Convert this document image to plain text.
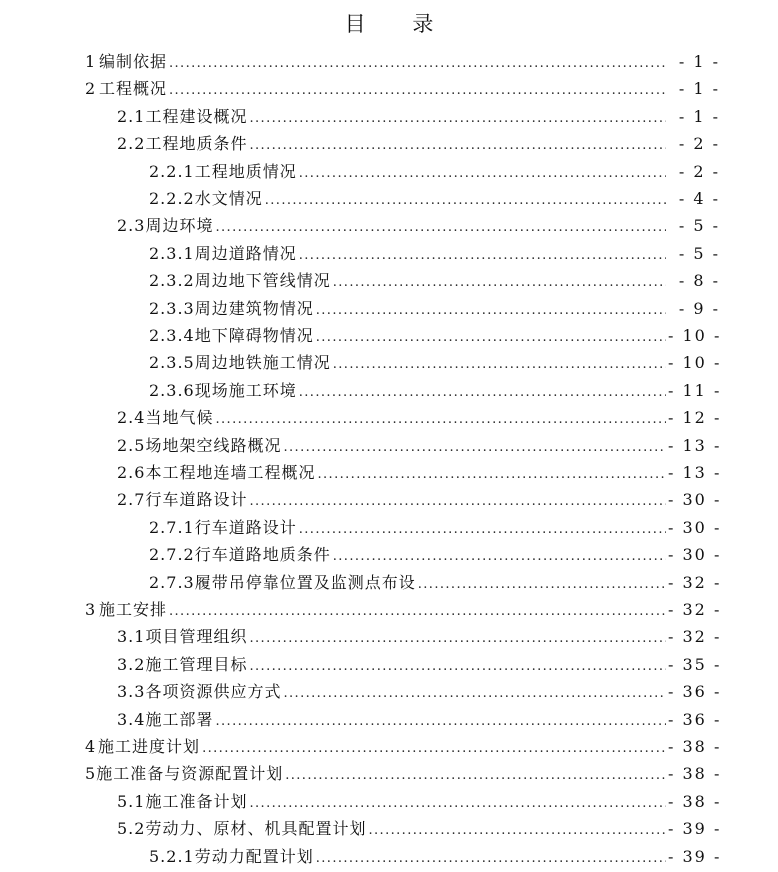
目 录
1 编制依据 .....	- 1 -
2 工程概况 .....	- 1 -
2.1 工程建设概况 .....	- 1 -
2.2 工程地质条件 .....	- 2 -
2.2.1 工程地质情况 .....	- 2 -
2.2.2 水文情况 .....	- 4 -
2.3 周边环境 .....	- 5 -
2.3.1 周边道路情况 .....	- 5 -
2.3.2 周边地下管线情况 .....	- 8 -
2.3.3 周边建筑物情况 .....	- 9 -
2.3.4 地下障碍物情况 .....	- 10 -
2.3.5 周边地铁施工情况 .....	- 10 -
2.3.6 现场施工环境 .....	- 11 -
2.4 当地气候 .....	- 12 -
2.5 场地架空线路概况 .....	- 13 -
2.6 本工程地连墙工程概况 .....	- 13 -
2.7 行车道路设计 .....	- 30 -
2.7.1 行车道路设计 .....	- 30 -
2.7.2 行车道路地质条件 .....	- 30 -
2.7.3 履带吊停靠位置及监测点布设 .....	- 32 -
3 施工安排 .....	- 32 -
3.1 项目管理组织 .....	- 32 -
3.2 施工管理目标 .....	- 35 -
3.3 各项资源供应方式 .....	- 36 -
3.4 施工部署 .....	- 36 -
4 施工进度计划 .....	- 38 -
5 施工准备与资源配置计划 .....	- 38 -
5.1 施工准备计划 .....	- 38 -
5.2 劳动力、原材、机具配置计划 .....	- 39 -
5.2.1 劳动力配置计划 .....	- 39 -
